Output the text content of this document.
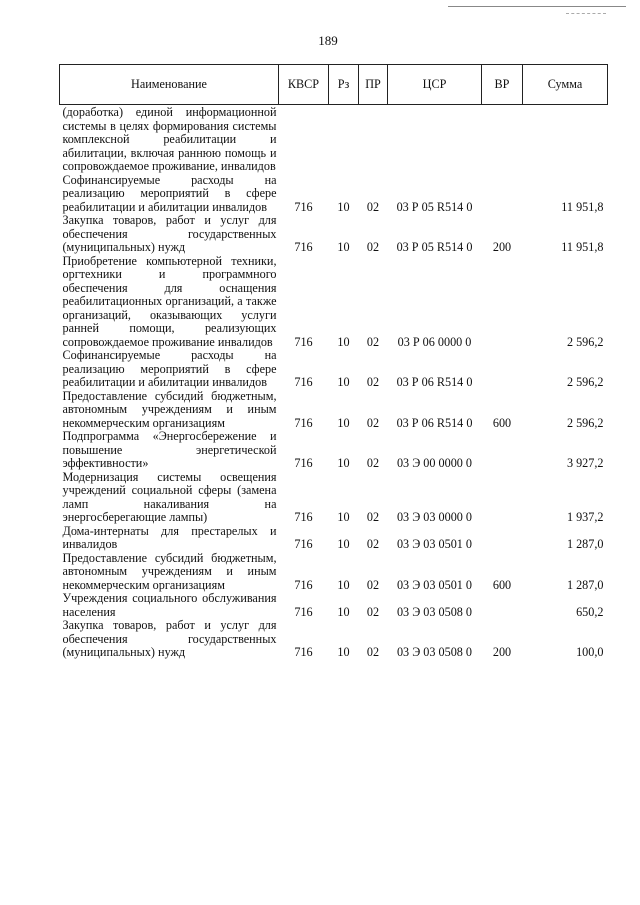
189
Наименование	КВСР	Рз	ПР	ЦСР	ВР	Сумма
(доработка) единой информационной системы в целях формирования системы комплексной реабилитации и абилитации, включая раннюю помощь и сопровождаемое проживание, инвалидов						
Софинансируемые расходы на реализацию мероприятий в сфере реабилитации и абилитации инвалидов	716	10	02	03 Р 05 R514 0		11 951,8
Закупка товаров, работ и услуг для обеспечения государственных (муниципальных) нужд	716	10	02	03 Р 05 R514 0	200	11 951,8
Приобретение компьютерной техники, оргтехники и программного обеспечения для оснащения реабилитационных организаций, а также организаций, оказывающих услуги ранней помощи, реализующих сопровождаемое проживание инвалидов	716	10	02	03 Р 06 0000 0		2 596,2
Софинансируемые расходы на реализацию мероприятий в сфере реабилитации и абилитации инвалидов	716	10	02	03 Р 06 R514 0		2 596,2
Предоставление субсидий бюджетным, автономным учреждениям и иным некоммерческим организациям	716	10	02	03 Р 06 R514 0	600	2 596,2
Подпрограмма «Энергосбережение и повышение энергетической эффективности»	716	10	02	03 Э 00 0000 0		3 927,2
Модернизация системы освещения учреждений социальной сферы (замена ламп накаливания на энергосберегающие лампы)	716	10	02	03 Э 03 0000 0		1 937,2
Дома-интернаты для престарелых и инвалидов	716	10	02	03 Э 03 0501 0		1 287,0
Предоставление субсидий бюджетным, автономным учреждениям и иным некоммерческим организациям	716	10	02	03 Э 03 0501 0	600	1 287,0
Учреждения социального обслуживания населения	716	10	02	03 Э 03 0508 0		650,2
Закупка товаров, работ и услуг для обеспечения государственных (муниципальных) нужд	716	10	02	03 Э 03 0508 0	200	100,0
